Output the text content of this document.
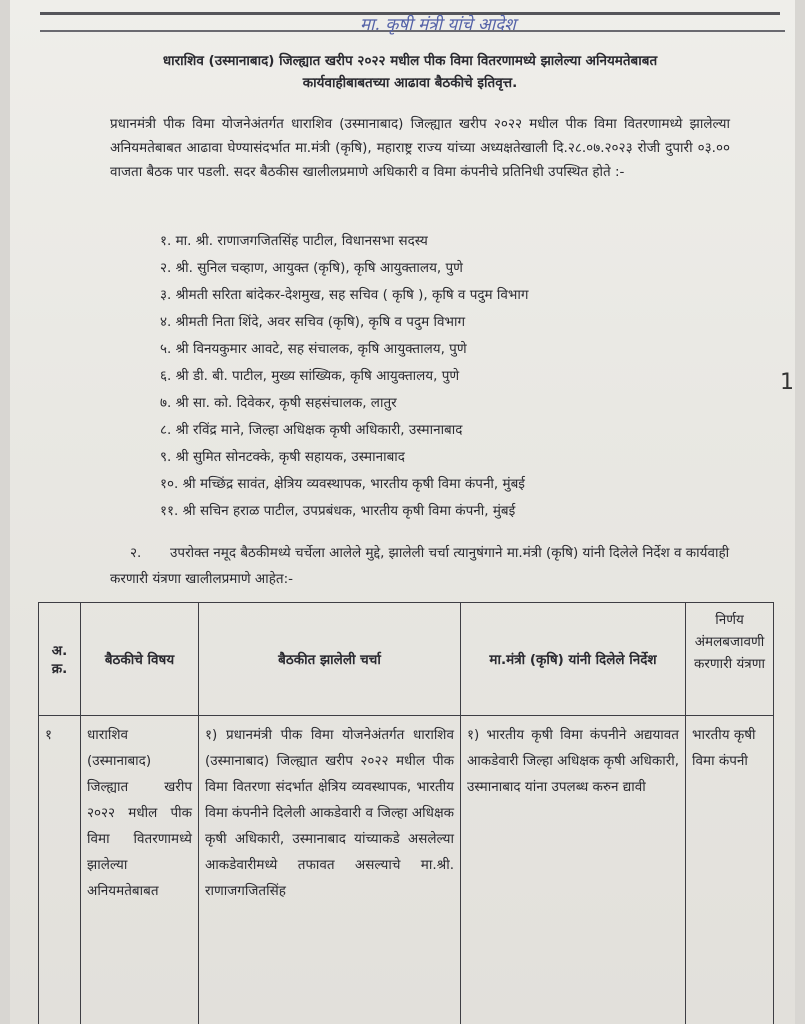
मा. कृषी मंत्री यांचे आदेश
धाराशिव (उस्मानाबाद) जिल्ह्यात खरीप २०२२ मधील पीक विमा वितरणामध्ये झालेल्या अनियमतेबाबत
कार्यवाहीबाबतच्या आढावा बैठकीचे इतिवृत्त.
प्रधानमंत्री पीक विमा योजनेअंतर्गत धाराशिव (उस्मानाबाद) जिल्ह्यात खरीप २०२२ मधील पीक विमा वितरणामध्ये झालेल्या अनियमतेबाबत आढावा घेण्यासंदर्भात मा.मंत्री (कृषि), महाराष्ट्र राज्य यांच्या अध्यक्षतेखाली दि.२८.०७.२०२३ रोजी दुपारी ०३.०० वाजता बैठक पार पडली. सदर बैठकीस खालीलप्रमाणे अधिकारी व विमा कंपनीचे प्रतिनिधी उपस्थित होते :-
१. मा. श्री. राणाजगजितसिंह पाटील, विधानसभा सदस्य
२. श्री. सुनिल चव्हाण, आयुक्त (कृषि), कृषि आयुक्तालय, पुणे
३. श्रीमती सरिता बांदेकर-देशमुख, सह सचिव ( कृषि ), कृषि व पदुम विभाग
४. श्रीमती निता शिंदे, अवर सचिव (कृषि), कृषि व पदुम विभाग
५. श्री विनयकुमार आवटे, सह संचालक, कृषि आयुक्तालय, पुणे
६. श्री डी. बी. पाटील, मुख्य सांख्यिक, कृषि आयुक्तालय, पुणे
७. श्री सा. को. दिवेकर, कृषी सहसंचालक, लातुर
८. श्री रविंद्र माने, जिल्हा अधिक्षक कृषी अधिकारी, उस्मानाबाद
९. श्री सुमित सोनटक्के, कृषी सहायक, उस्मानाबाद
१०. श्री मच्छिंद्र सावंत, क्षेत्रिय व्यवस्थापक, भारतीय कृषी विमा कंपनी, मुंबई
११. श्री सचिन हराळ पाटील, उपप्रबंधक, भारतीय कृषी विमा कंपनी, मुंबई
२. उपरोक्त नमूद बैठकीमध्ये चर्चेला आलेले मुद्दे, झालेली चर्चा त्यानुषंगाने मा.मंत्री (कृषि) यांनी दिलेले निर्देश व कार्यवाही करणारी यंत्रणा खालीलप्रमाणे आहेत:-
अ. क्र.	बैठकीचे विषय	बैठकीत झालेली चर्चा	मा.मंत्री (कृषि) यांनी दिलेले निर्देश	निर्णय अंमलबजावणी करणारी यंत्रणा
१	धाराशिव (उस्मानाबाद) जिल्ह्यात खरीप २०२२ मधील पीक विमा वितरणामध्ये झालेल्या अनियमतेबाबत	१) प्रधानमंत्री पीक विमा योजनेअंतर्गत धाराशिव (उस्मानाबाद) जिल्ह्यात खरीप २०२२ मधील पीक विमा वितरणा संदर्भात क्षेत्रिय व्यवस्थापक, भारतीय विमा कंपनीने दिलेली आकडेवारी व जिल्हा अधिक्षक कृषी अधिकारी, उस्मानाबाद यांच्याकडे असलेल्या आकडेवारीमध्ये तफावत असल्याचे मा.श्री. राणाजगजितसिंह	१) भारतीय कृषी विमा कंपनीने अद्ययावत आकडेवारी जिल्हा अधिक्षक कृषी अधिकारी, उस्मानाबाद यांना उपलब्ध करुन द्यावी	भारतीय कृषी विमा कंपनी
1
